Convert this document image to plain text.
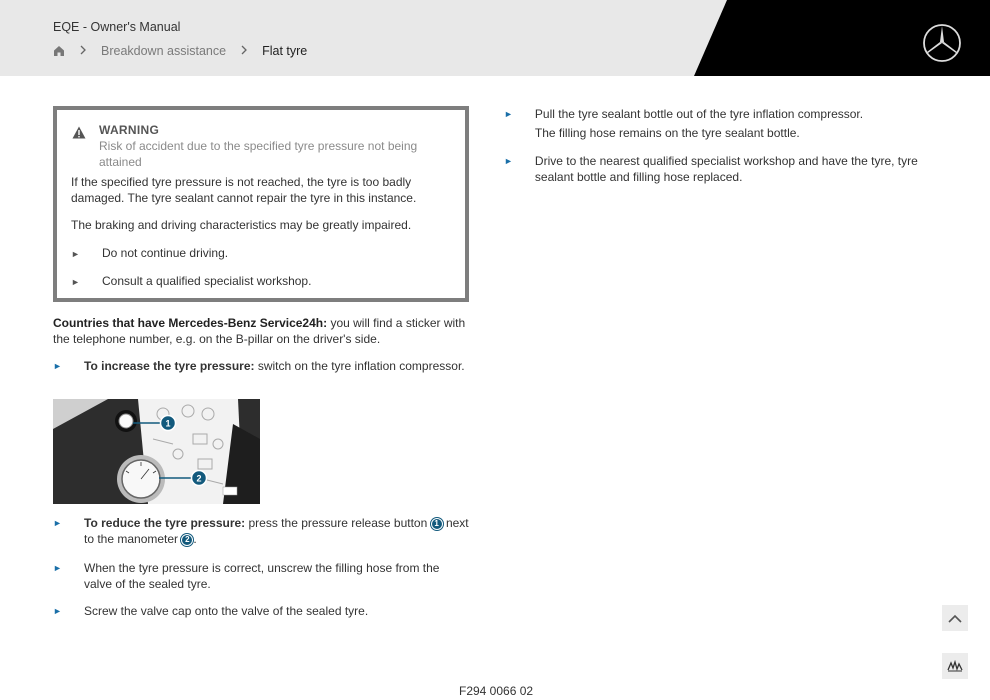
EQE - Owner's Manual
Breakdown assistance	Flat tyre
WARNING
Risk of accident due to the specified tyre pressure not being attained
If the specified tyre pressure is not reached, the tyre is too badly damaged. The tyre sealant cannot repair the tyre in this instance.
The braking and driving characteristics may be greatly impaired.
► Do not continue driving.
► Consult a qualified specialist workshop.
Countries that have Mercedes-Benz Service24h: you will find a sticker with the telephone number, e.g. on the B-pillar on the driver's side.
►	To increase the tyre pressure: switch on the tyre inflation compressor.
1
2
►	To reduce the tyre pressure: press the pressure release button 1 next to the manometer 2 .
►	When the tyre pressure is correct, unscrew the filling hose from the valve of the sealed tyre.
►	Screw the valve cap onto the valve of the sealed tyre.
►	Pull the tyre sealant bottle out of the tyre inflation compressor.
The filling hose remains on the tyre sealant bottle.
►	Drive to the nearest qualified specialist workshop and have the tyre, tyre sealant bottle and filling hose replaced.
F294 0066 02
